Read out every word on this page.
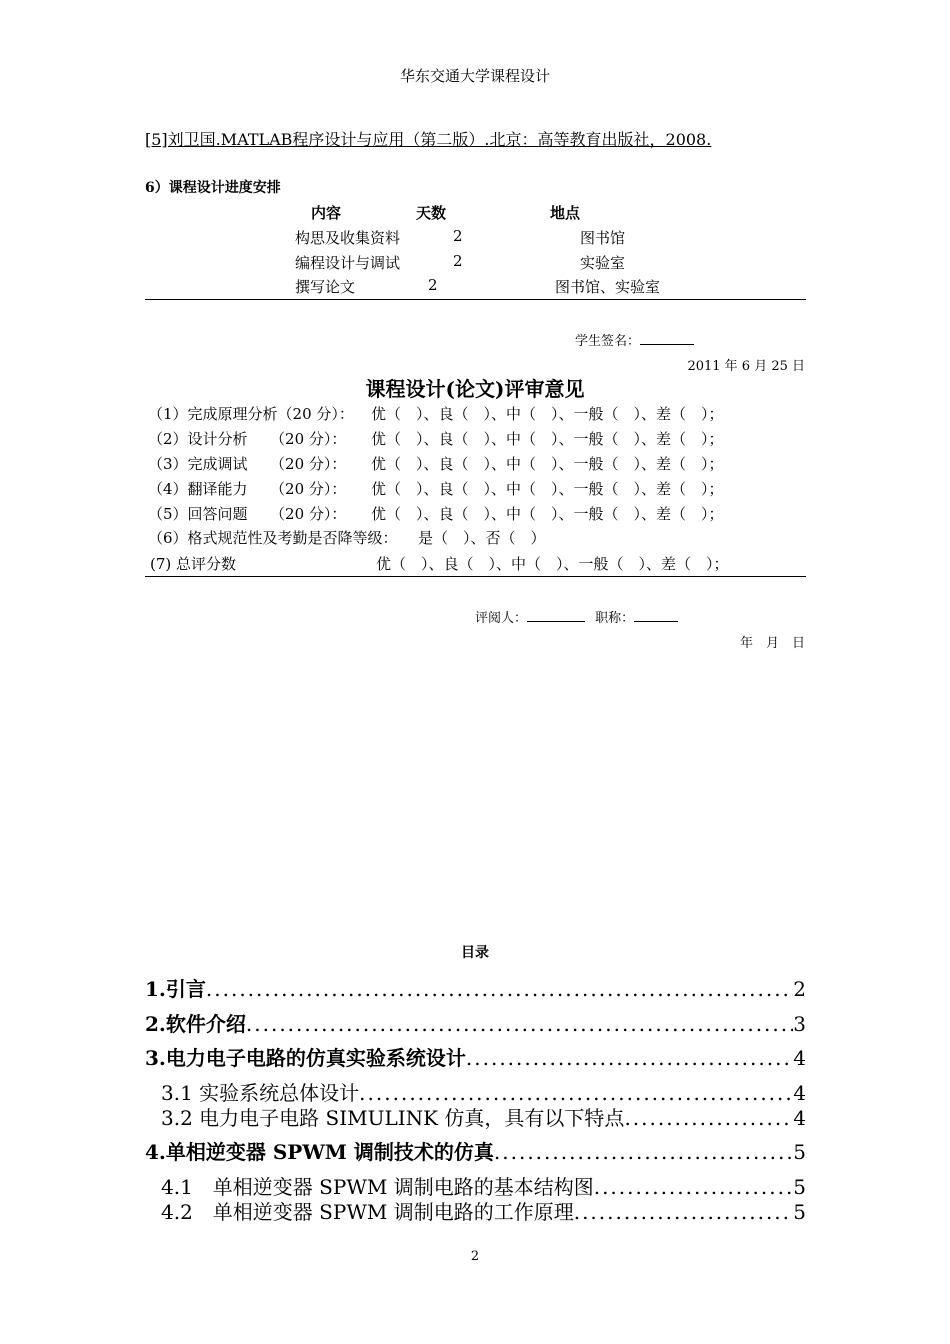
华东交通大学课程设计
[5]刘卫国.MATLAB程序设计与应用（第二版）.北京：高等教育出版社，2008.
6）课程设计进度安排
内容	天数	地点
构思及收集资料	2	图书馆
编程设计与调试	2	实验室
撰写论文	2	图书馆、实验室
学生签名：
2011 年 6 月 25 日
课程设计(论文)评审意见
（1）完成原理分析（20 分）： 优（　）、良（　）、中（　）、一般（　）、差（　）；
（2）设计分析　　（20 分）： 优（　）、良（　）、中（　）、一般（　）、差（　）；
（3）完成调试　　（20 分）： 优（　）、良（　）、中（　）、一般（　）、差（　）；
（4）翻译能力　　（20 分）： 优（　）、良（　）、中（　）、一般（　）、差（　）；
（5）回答问题　　（20 分）： 优（　）、良（　）、中（　）、一般（　）、差（　）；
（6）格式规范性及考勤是否降等级： 是（　）、否（　）
(7) 总评分数	优（　）、良（　）、中（　）、一般（　）、差（　）；
评阅人：	职称：
年　月　日
目录
1.引言 .....	2
2.软件介绍 .....	3
3.电力电子电路的仿真实验系统设计 .....	4
3.1 实验系统总体设计 .....	4
3.2 电力电子电路 SIMULINK 仿真，具有以下特点 .....	4
4.单相逆变器 SPWM 调制技术的仿真 .....	5
4.1　单相逆变器 SPWM 调制电路的基本结构图 .....	5
4.2　单相逆变器 SPWM 调制电路的工作原理 .....	5
2
